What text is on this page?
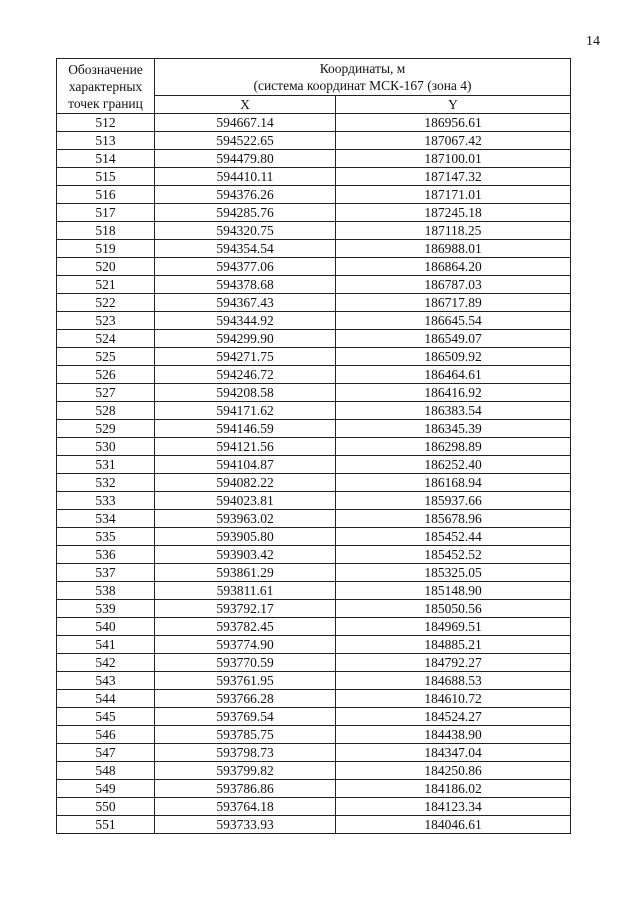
14
Обозначение
характерных
точек границ	Координаты, м
(система координат МСК-167 (зона 4)	
	X	Y
512	594667.14	186956.61
513	594522.65	187067.42
514	594479.80	187100.01
515	594410.11	187147.32
516	594376.26	187171.01
517	594285.76	187245.18
518	594320.75	187118.25
519	594354.54	186988.01
520	594377.06	186864.20
521	594378.68	186787.03
522	594367.43	186717.89
523	594344.92	186645.54
524	594299.90	186549.07
525	594271.75	186509.92
526	594246.72	186464.61
527	594208.58	186416.92
528	594171.62	186383.54
529	594146.59	186345.39
530	594121.56	186298.89
531	594104.87	186252.40
532	594082.22	186168.94
533	594023.81	185937.66
534	593963.02	185678.96
535	593905.80	185452.44
536	593903.42	185452.52
537	593861.29	185325.05
538	593811.61	185148.90
539	593792.17	185050.56
540	593782.45	184969.51
541	593774.90	184885.21
542	593770.59	184792.27
543	593761.95	184688.53
544	593766.28	184610.72
545	593769.54	184524.27
546	593785.75	184438.90
547	593798.73	184347.04
548	593799.82	184250.86
549	593786.86	184186.02
550	593764.18	184123.34
551	593733.93	184046.61
